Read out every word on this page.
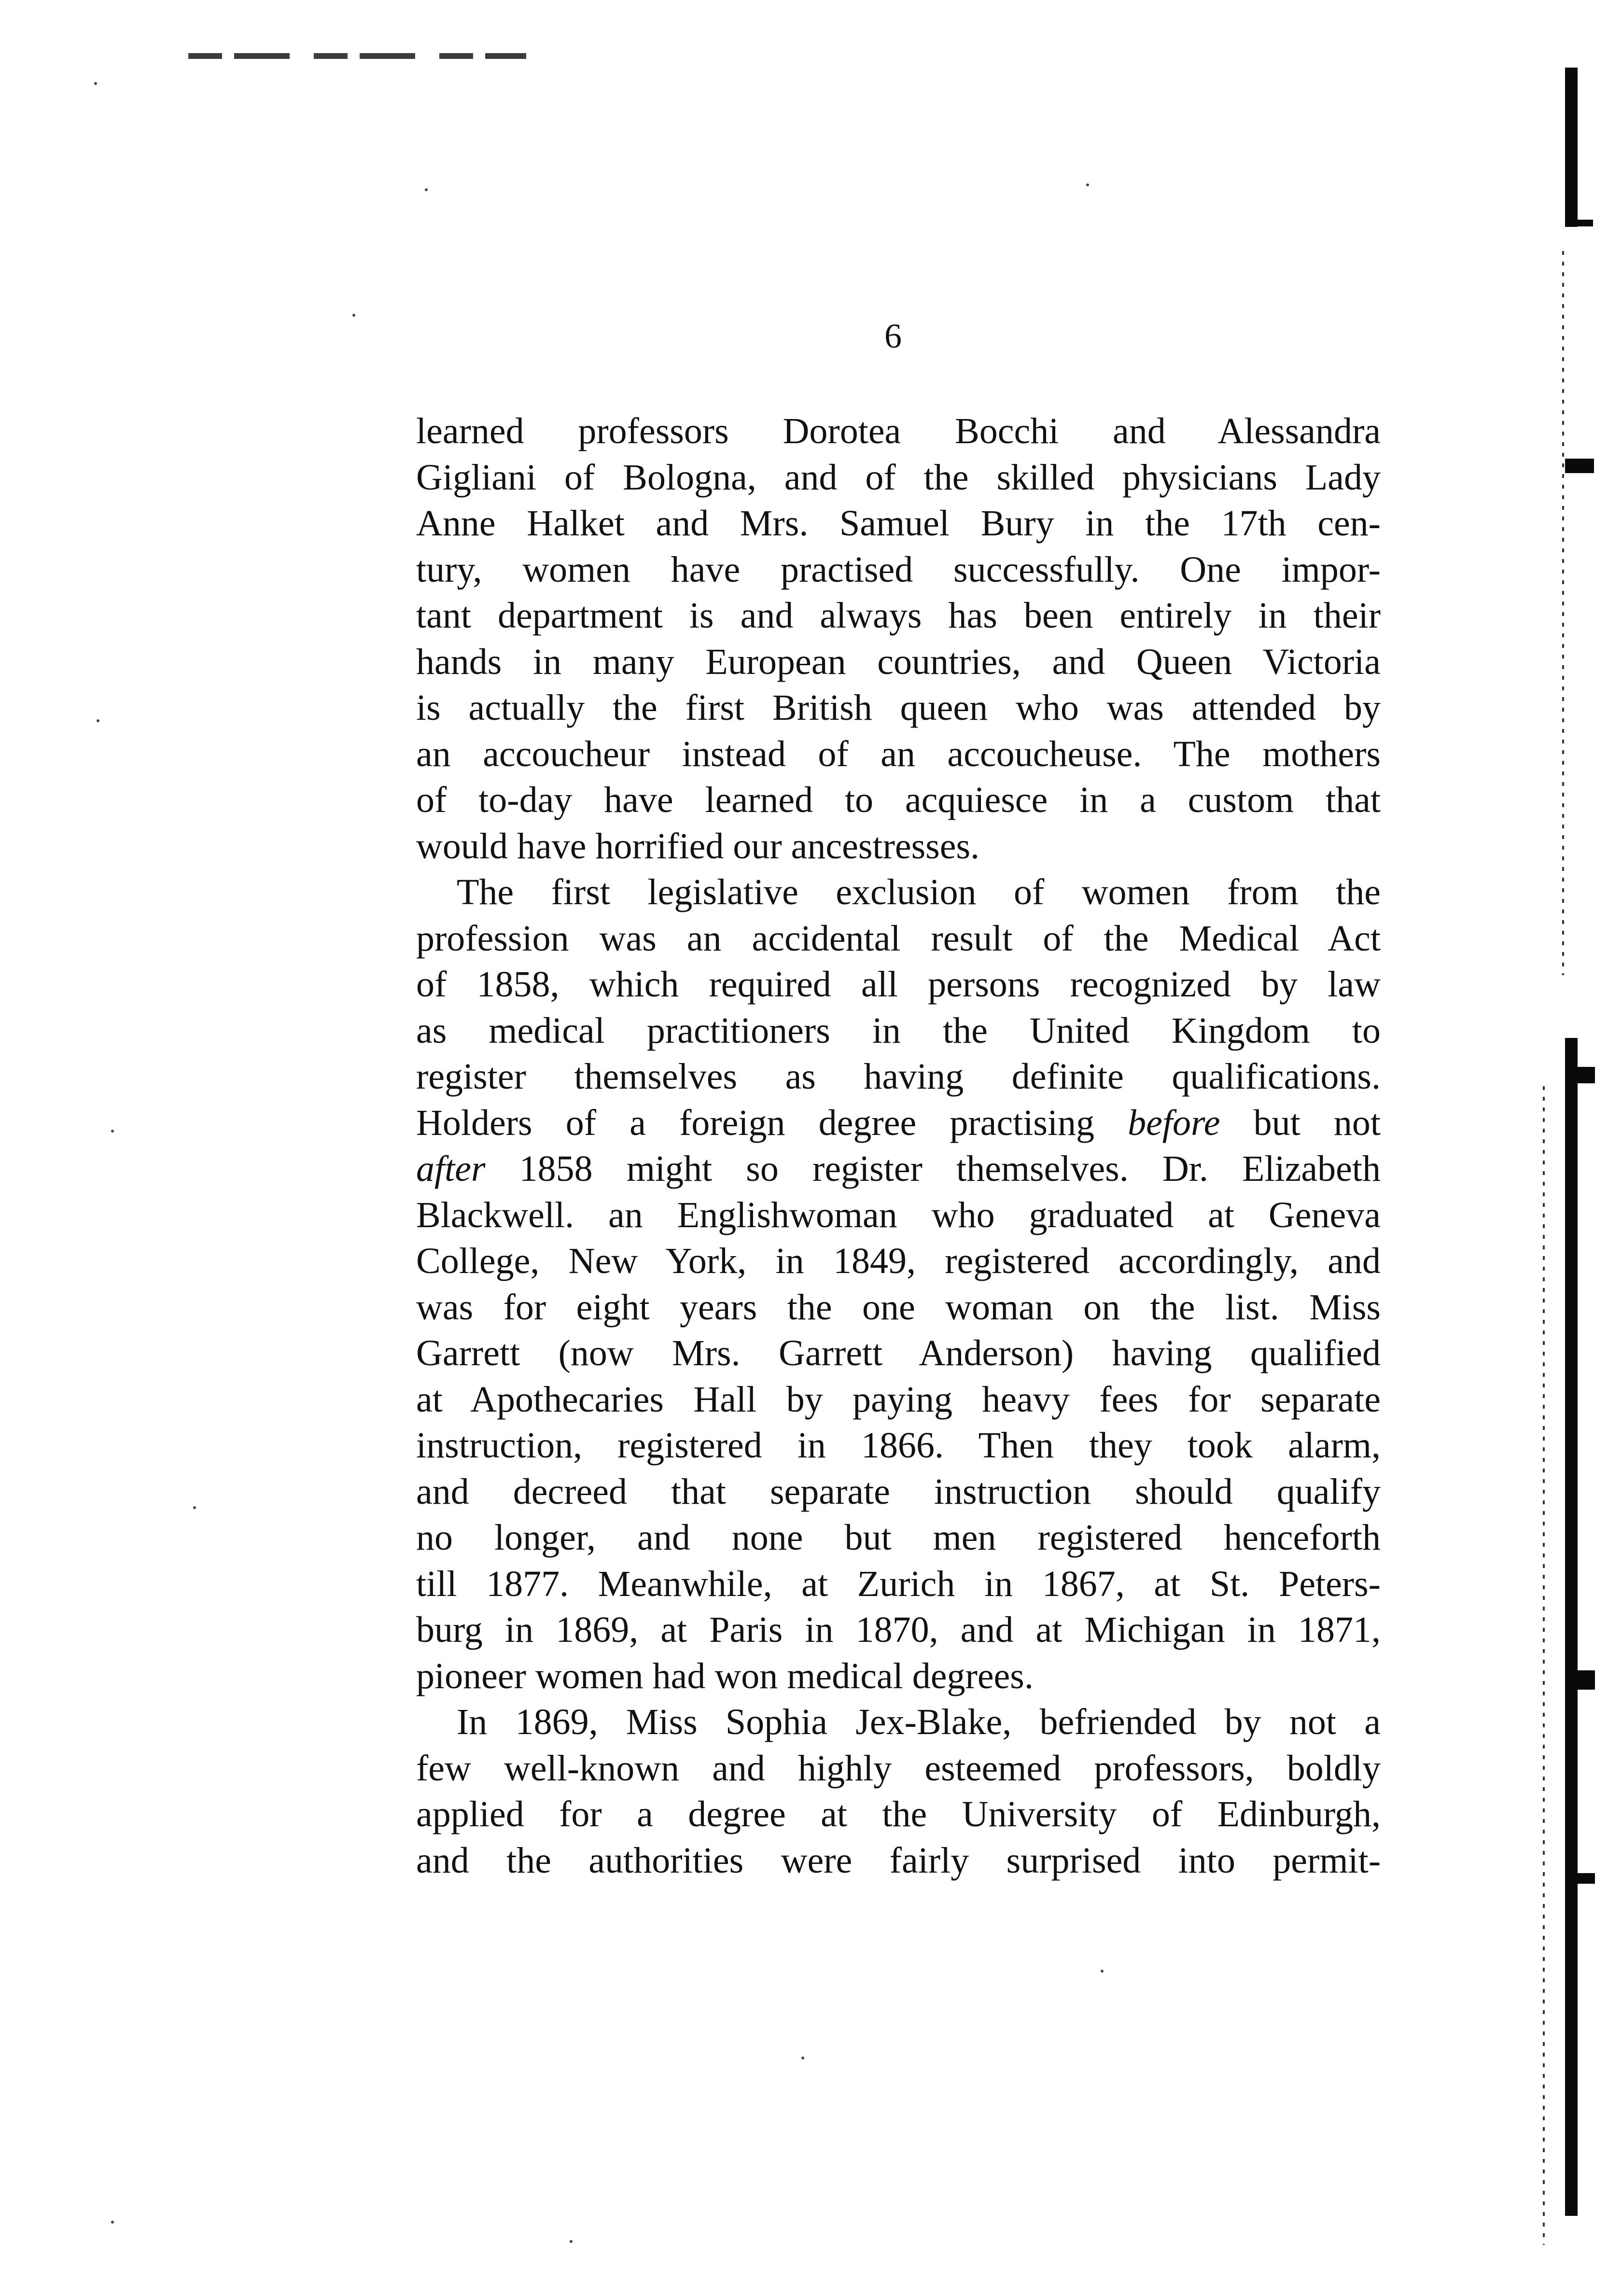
6
learned professors Dorotea Bocchi and Alessandra
Gigliani of Bologna, and of the skilled physicians Lady
Anne Halket and Mrs. Samuel Bury in the 17th cen-
tury, women have practised successfully. One impor-
tant department is and always has been entirely in their
hands in many European countries, and Queen Victoria
is actually the first British queen who was attended by
an accoucheur instead of an accoucheuse. The mothers
of to-day have learned to acquiesce in a custom that
would have horrified our ancestresses.
The first legislative exclusion of women from the
profession was an accidental result of the Medical Act
of 1858, which required all persons recognized by law
as medical practitioners in the United Kingdom to
register themselves as having definite qualifications.
Holders of a foreign degree practising before but not
after 1858 might so register themselves. Dr. Elizabeth
Blackwell. an Englishwoman who graduated at Geneva
College, New York, in 1849, registered accordingly, and
was for eight years the one woman on the list. Miss
Garrett (now Mrs. Garrett Anderson) having qualified
at Apothecaries Hall by paying heavy fees for separate
instruction, registered in 1866. Then they took alarm,
and decreed that separate instruction should qualify
no longer, and none but men registered henceforth
till 1877. Meanwhile, at Zurich in 1867, at St. Peters-
burg in 1869, at Paris in 1870, and at Michigan in 1871,
pioneer women had won medical degrees.
In 1869, Miss Sophia Jex-Blake, befriended by not a
few well-known and highly esteemed professors, boldly
applied for a degree at the University of Edinburgh,
and the authorities were fairly surprised into permit-
